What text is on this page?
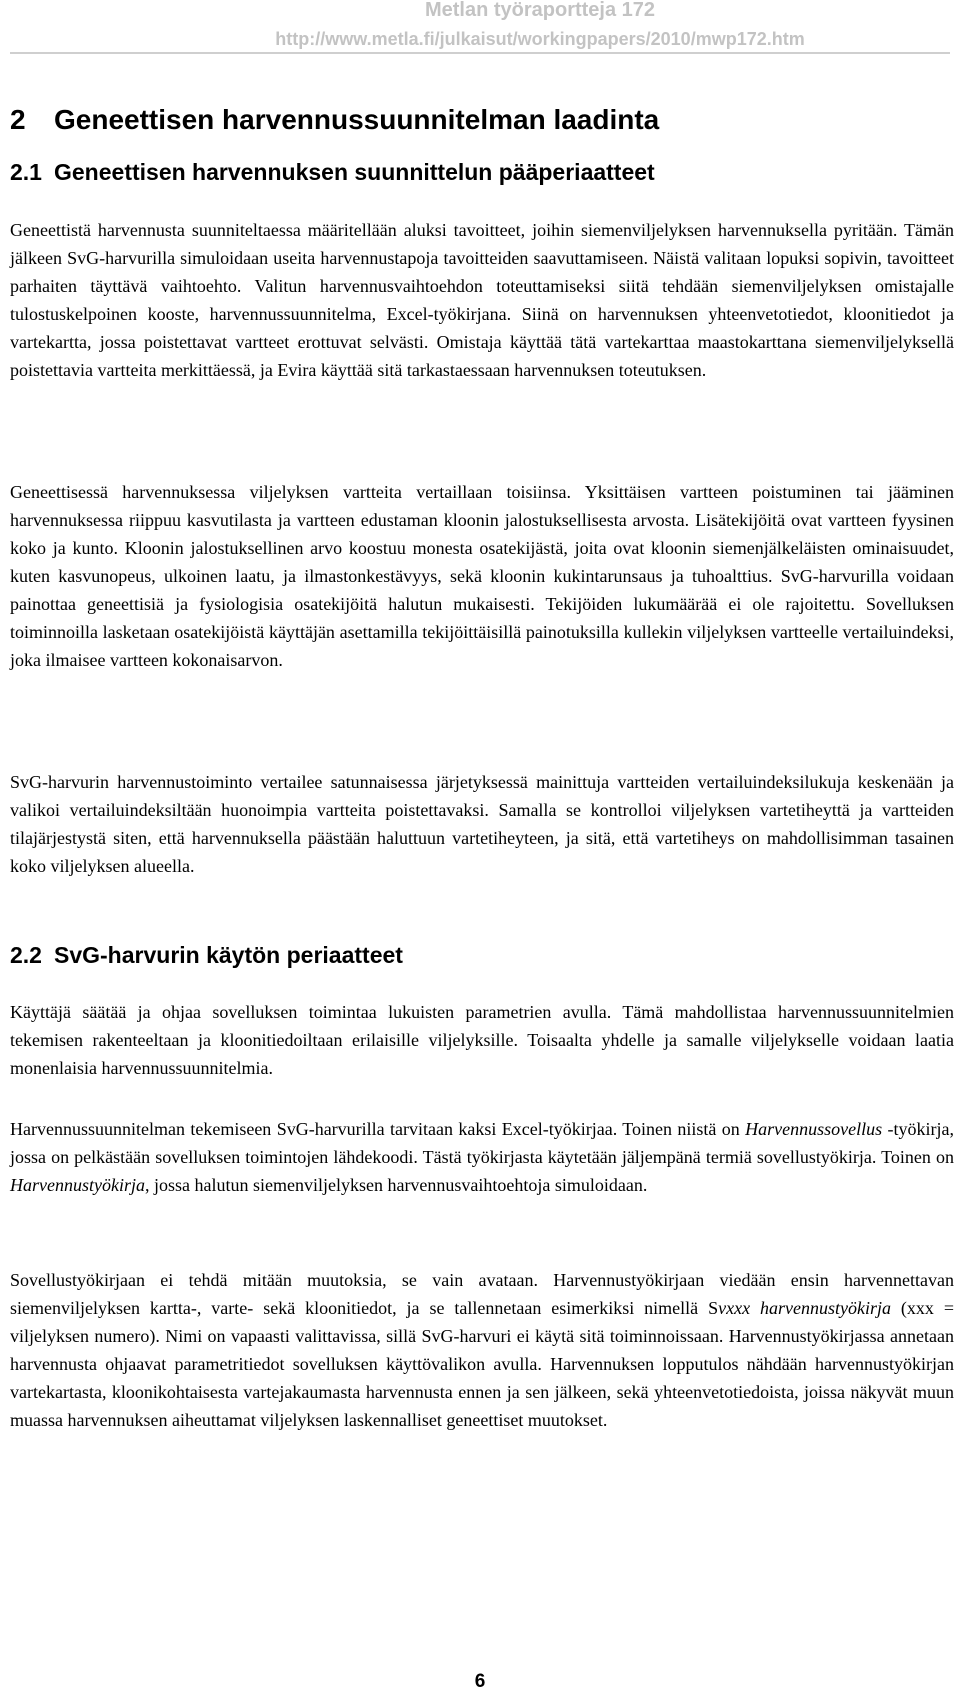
Metlan työraportteja 172
http://www.metla.fi/julkaisut/workingpapers/2010/mwp172.htm
2 Geneettisen harvennussuunnitelman laadinta
2.1 Geneettisen harvennuksen suunnittelun pääperiaatteet

Geneettistä harvennusta suunniteltaessa määritellään aluksi tavoitteet, joihin siemenviljelyksen harvennuksella pyritään. Tämän jälkeen SvG-harvurilla simuloidaan useita harvennustapoja tavoitteiden saavuttamiseen. Näistä valitaan lopuksi sopivin, tavoitteet parhaiten täyttävä vaihtoehto. Valitun harvennusvaihtoehdon toteuttamiseksi siitä tehdään siemenviljelyksen omistajalle tulostuskelpoinen kooste, harvennussuunnitelma, Excel-työkirjana. Siinä on harvennuksen yhteenvetotiedot, kloonitiedot ja vartekartta, jossa poistettavat vartteet erottuvat selvästi. Omistaja käyttää tätä vartekarttaa maastokarttana siemenviljelyksellä poistettavia vartteita merkittäessä, ja Evira käyttää sitä tarkastaessaan harvennuksen toteutuksen.

Geneettisessä harvennuksessa viljelyksen vartteita vertaillaan toisiinsa. Yksittäisen vartteen poistuminen tai jääminen harvennuksessa riippuu kasvutilasta ja vartteen edustaman kloonin jalostuksellisesta arvosta. Lisätekijöitä ovat vartteen fyysinen koko ja kunto. Kloonin jalostuksellinen arvo koostuu monesta osatekijästä, joita ovat kloonin siemenjälkeläisten ominaisuudet, kuten kasvunopeus, ulkoinen laatu, ja ilmastonkestävyys, sekä kloonin kukintarunsaus ja tuhoalttius. SvG-harvurilla voidaan painottaa geneettisiä ja fysiologisia osatekijöitä halutun mukaisesti. Tekijöiden lukumäärää ei ole rajoitettu. Sovelluksen toiminnoilla lasketaan osatekijöistä käyttäjän asettamilla tekijöittäisillä painotuksilla kullekin viljelyksen vartteelle vertailuindeksi, joka ilmaisee vartteen kokonaisarvon.

SvG-harvurin harvennustoiminto vertailee satunnaisessa järjetyksessä mainittuja vartteiden vertailuindeksilukuja keskenään ja valikoi vertailuindeksiltään huonoimpia vartteita poistettavaksi. Samalla se kontrolloi viljelyksen vartetiheyttä ja vartteiden tilajärjestystä siten, että harvennuksella päästään haluttuun vartetiheyteen, ja sitä, että vartetiheys on mahdollisimman tasainen koko viljelyksen alueella.

2.2 SvG-harvurin käytön periaatteet

Käyttäjä säätää ja ohjaa sovelluksen toimintaa lukuisten parametrien avulla. Tämä mahdollistaa harvennussuunnitelmien tekemisen rakenteeltaan ja kloonitiedoiltaan erilaisille viljelyksille. Toisaalta yhdelle ja samalle viljelykselle voidaan laatia monenlaisia harvennussuunnitelmia.

Harvennussuunnitelman tekemiseen SvG-harvurilla tarvitaan kaksi Excel-työkirjaa. Toinen niistä on Harvennussovellus -työkirja, jossa on pelkästään sovelluksen toimintojen lähdekoodi. Tästä työkirjasta käytetään jäljempänä termiä sovellustyökirja. Toinen on Harvennustyökirja, jossa halutun siemenviljelyksen harvennusvaihtoehtoja simuloidaan.

Sovellustyökirjaan ei tehdä mitään muutoksia, se vain avataan. Harvennustyökirjaan viedään ensin harvennettavan siemenviljelyksen kartta-, varte- sekä kloonitiedot, ja se tallennetaan esimerkiksi nimellä Svxxx harvennustyökirja (xxx = viljelyksen numero). Nimi on vapaasti valittavissa, sillä SvG-harvuri ei käytä sitä toiminnoissaan. Harvennustyökirjassa annetaan harvennusta ohjaavat parametritiedot sovelluksen käyttövalikon avulla. Harvennuksen lopputulos nähdään harvennustyökirjan vartekartasta, kloonikohtaisesta vartejakaumasta harvennusta ennen ja sen jälkeen, sekä yhteenvetotiedoista, joissa näkyvät muun muassa harvennuksen aiheuttamat viljelyksen laskennalliset geneettiset muutokset.

6
